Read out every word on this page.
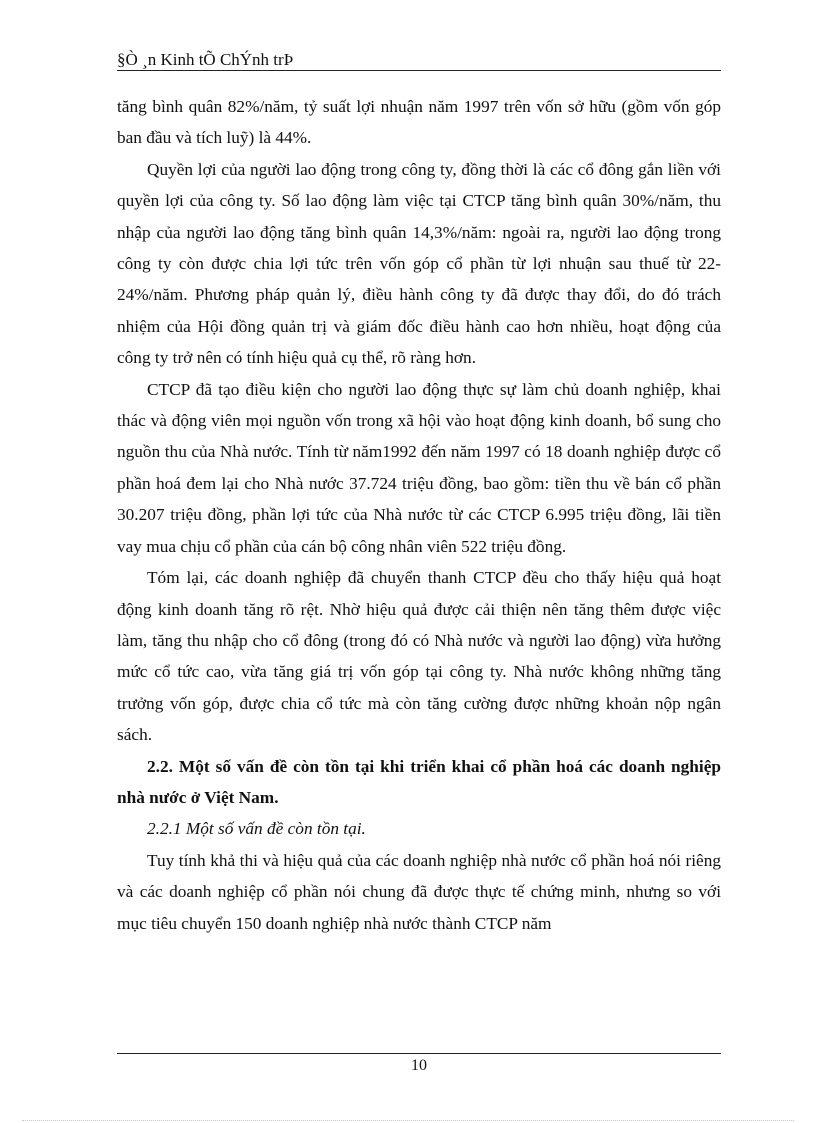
§Ò ¸n Kinh tÕ ChÝnh trÞ

tăng bình quân 82%/năm, tỷ suất lợi nhuận năm 1997 trên vốn sở hữu (gồm vốn góp ban đầu và tích luỹ) là 44%.

Quyền lợi của người lao động trong công ty, đồng thời là các cổ đông gắn liền với quyền lợi của công ty. Số lao động làm việc tại CTCP tăng bình quân 30%/năm, thu nhập của người lao động tăng bình quân 14,3%/năm: ngoài ra, người lao động trong công ty còn được chia lợi tức trên vốn góp cổ phần từ lợi nhuận sau thuế từ 22-24%/năm. Phương pháp quản lý, điều hành công ty đã được thay đổi, do đó trách nhiệm của Hội đồng quản trị và giám đốc điều hành cao hơn nhiều, hoạt động của công ty trở nên có tính hiệu quả cụ thể, rõ ràng hơn.

CTCP đã tạo điều kiện cho người lao động thực sự làm chủ doanh nghiệp, khai thác và động viên mọi nguồn vốn trong xã hội vào hoạt động kinh doanh, bổ sung cho nguồn thu của Nhà nước. Tính từ năm1992 đến năm 1997 có 18 doanh nghiệp được cổ phần hoá đem lại cho Nhà nước 37.724 triệu đồng, bao gồm: tiền thu về bán cổ phần 30.207 triệu đồng, phần lợi tức của Nhà nước từ các CTCP 6.995 triệu đồng, lãi tiền vay mua chịu cổ phần của cán bộ công nhân viên 522 triệu đồng.

Tóm lại, các doanh nghiệp đã chuyển thanh CTCP đều cho thấy hiệu quả hoạt động kinh doanh tăng rõ rệt. Nhờ hiệu quả được cải thiện nên tăng thêm được việc làm, tăng thu nhập cho cổ đông (trong đó có Nhà nước và người lao động) vừa hưởng mức cổ tức cao, vừa tăng giá trị vốn góp tại công ty. Nhà nước không những tăng trưởng vốn góp, được chia cổ tức mà còn tăng cường được những khoản nộp ngân sách.

2.2. Một số vấn đề còn tồn tại khi triển khai cổ phần hoá các doanh nghiệp nhà nước ở Việt Nam.

2.2.1 Một số vấn đề còn tồn tại.

Tuy tính khả thi và hiệu quả của các doanh nghiệp nhà nước cổ phần hoá nói riêng và các doanh nghiệp cổ phần nói chung đã được thực tế chứng minh, nhưng so với mục tiêu chuyển 150 doanh nghiệp nhà nước thành CTCP năm

10
